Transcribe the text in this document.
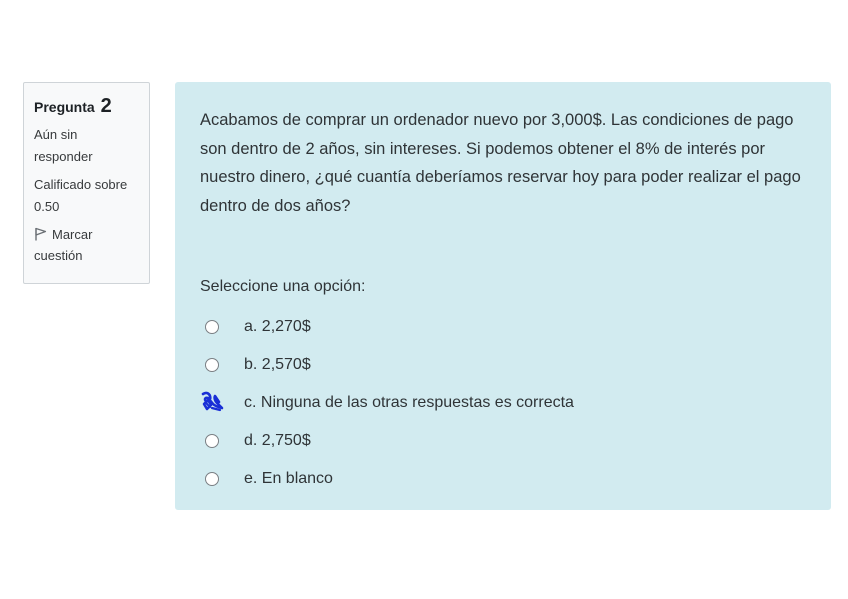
Pregunta 2
Aún sin
responder
Calificado sobre
0.50
Marcar
cuestión
Acabamos de comprar un ordenador nuevo por 3,000$. Las condiciones de pago son dentro de 2 años, sin intereses. Si podemos obtener el 8% de interés por nuestro dinero, ¿qué cuantía deberíamos reservar hoy para poder realizar el pago dentro de dos años?
Seleccione una opción:
a. 2,270$
b. 2,570$
c. Ninguna de las otras respuestas es correcta
d. 2,750$
e. En blanco
